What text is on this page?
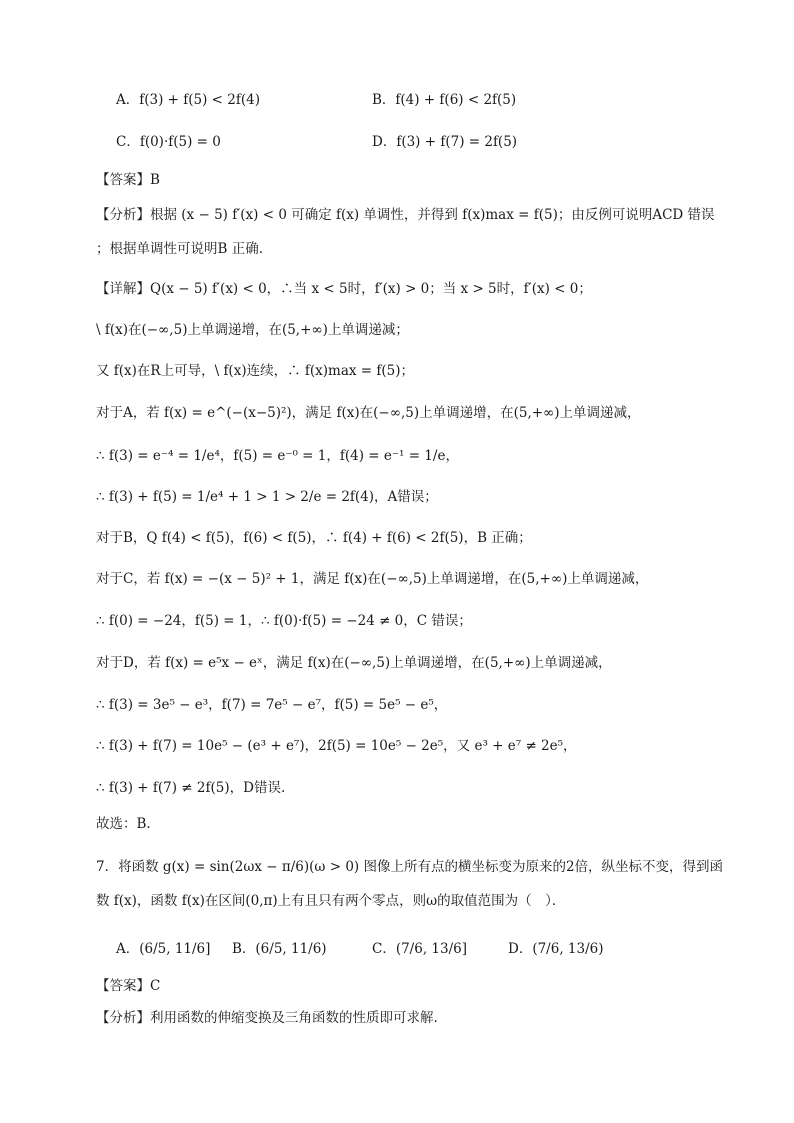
A．f(3) + f(5) < 2f(4)	B．f(4) + f(6) < 2f(5)
C．f(0)·f(5) = 0	D．f(3) + f(7) = 2f(5)
【答案】B
【分析】根据 (x − 5) f′(x) < 0 可确定 f(x) 单调性，并得到 f(x)max = f(5)；由反例可说明ACD 错误
；根据单调性可说明B 正确.
【详解】Q(x − 5) f′(x) < 0，∴当 x < 5时，f′(x) > 0；当 x > 5时，f′(x) < 0；
\ f(x)在(−∞,5)上单调递增，在(5,+∞)上单调递减；
又 f(x)在R上可导，\ f(x)连续，∴ f(x)max = f(5)；
对于A，若 f(x) = e^(−(x−5)²)，满足 f(x)在(−∞,5)上单调递增，在(5,+∞)上单调递减，
∴ f(3) = e⁻⁴ = 1/e⁴，f(5) = e⁻⁰ = 1，f(4) = e⁻¹ = 1/e，
∴ f(3) + f(5) = 1/e⁴ + 1 > 1 > 2/e = 2f(4)，A错误；
对于B，Q f(4) < f(5)，f(6) < f(5)，∴ f(4) + f(6) < 2f(5)，B 正确；
对于C，若 f(x) = −(x − 5)² + 1，满足 f(x)在(−∞,5)上单调递增，在(5,+∞)上单调递减，
∴ f(0) = −24，f(5) = 1，∴ f(0)·f(5) = −24 ≠ 0，C 错误；
对于D，若 f(x) = e⁵x − eˣ，满足 f(x)在(−∞,5)上单调递增，在(5,+∞)上单调递减，
∴ f(3) = 3e⁵ − e³，f(7) = 7e⁵ − e⁷，f(5) = 5e⁵ − e⁵，
∴ f(3) + f(7) = 10e⁵ − (e³ + e⁷)，2f(5) = 10e⁵ − 2e⁵，又 e³ + e⁷ ≠ 2e⁵，
∴ f(3) + f(7) ≠ 2f(5)，D错误.
故选：B.
7．将函数 g(x) = sin(2ωx − π/6)(ω > 0) 图像上所有点的横坐标变为原来的2倍，纵坐标不变，得到函
数 f(x)，函数 f(x)在区间(0,π)上有且只有两个零点，则ω的取值范围为（　）．
A．(6/5, 11/6] B．(6/5, 11/6)	C．(7/6, 13/6]	D．(7/6, 13/6)
【答案】C
【分析】利用函数的伸缩变换及三角函数的性质即可求解.
